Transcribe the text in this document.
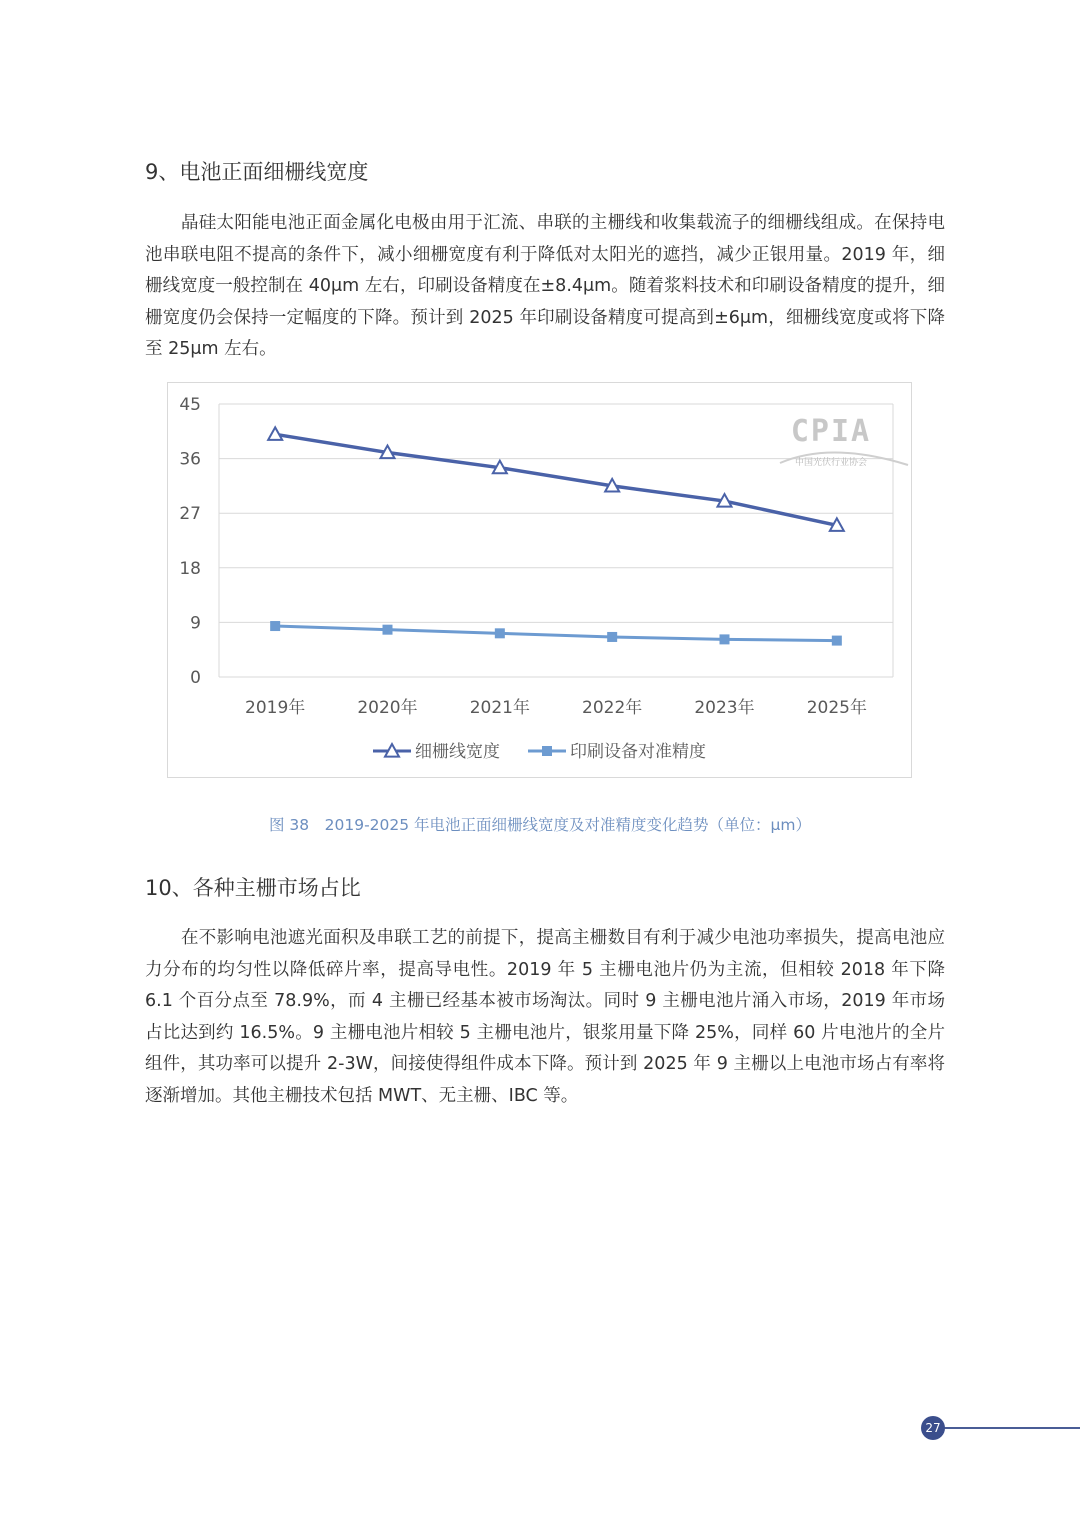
9、电池正面细栅线宽度

晶硅太阳能电池正面金属化电极由用于汇流、串联的主栅线和收集载流子的细栅线组成。在保持电池串联电阻不提高的条件下，减小细栅宽度有利于降低对太阳光的遮挡，减少正银用量。2019 年，细栅线宽度一般控制在 40μm 左右，印刷设备精度在±8.4μm。随着浆料技术和印刷设备精度的提升，细栅宽度仍会保持一定幅度的下降。预计到 2025 年印刷设备精度可提高到±6μm，细栅线宽度或将下降至 25μm 左右。

0
9
18
27
36
45
2019年	2020年	2021年	2022年	2023年	2025年
CPIA
中国光伏行业协会
细栅线宽度	印刷设备对准精度
图 38　2019-2025 年电池正面细栅线宽度及对准精度变化趋势（单位：μm）
10、各种主栅市场占比

在不影响电池遮光面积及串联工艺的前提下，提高主栅数目有利于减少电池功率损失，提高电池应力分布的均匀性以降低碎片率，提高导电性。2019 年 5 主栅电池片仍为主流，但相较 2018 年下降 6.1 个百分点至 78.9%，而 4 主栅已经基本被市场淘汰。同时 9 主栅电池片涌入市场，2019 年市场占比达到约 16.5%。9 主栅电池片相较 5 主栅电池片，银浆用量下降 25%，同样 60 片电池片的全片组件，其功率可以提升 2-3W，间接使得组件成本下降。预计到 2025 年 9 主栅以上电池市场占有率将逐渐增加。其他主栅技术包括 MWT、无主栅、IBC 等。

27
